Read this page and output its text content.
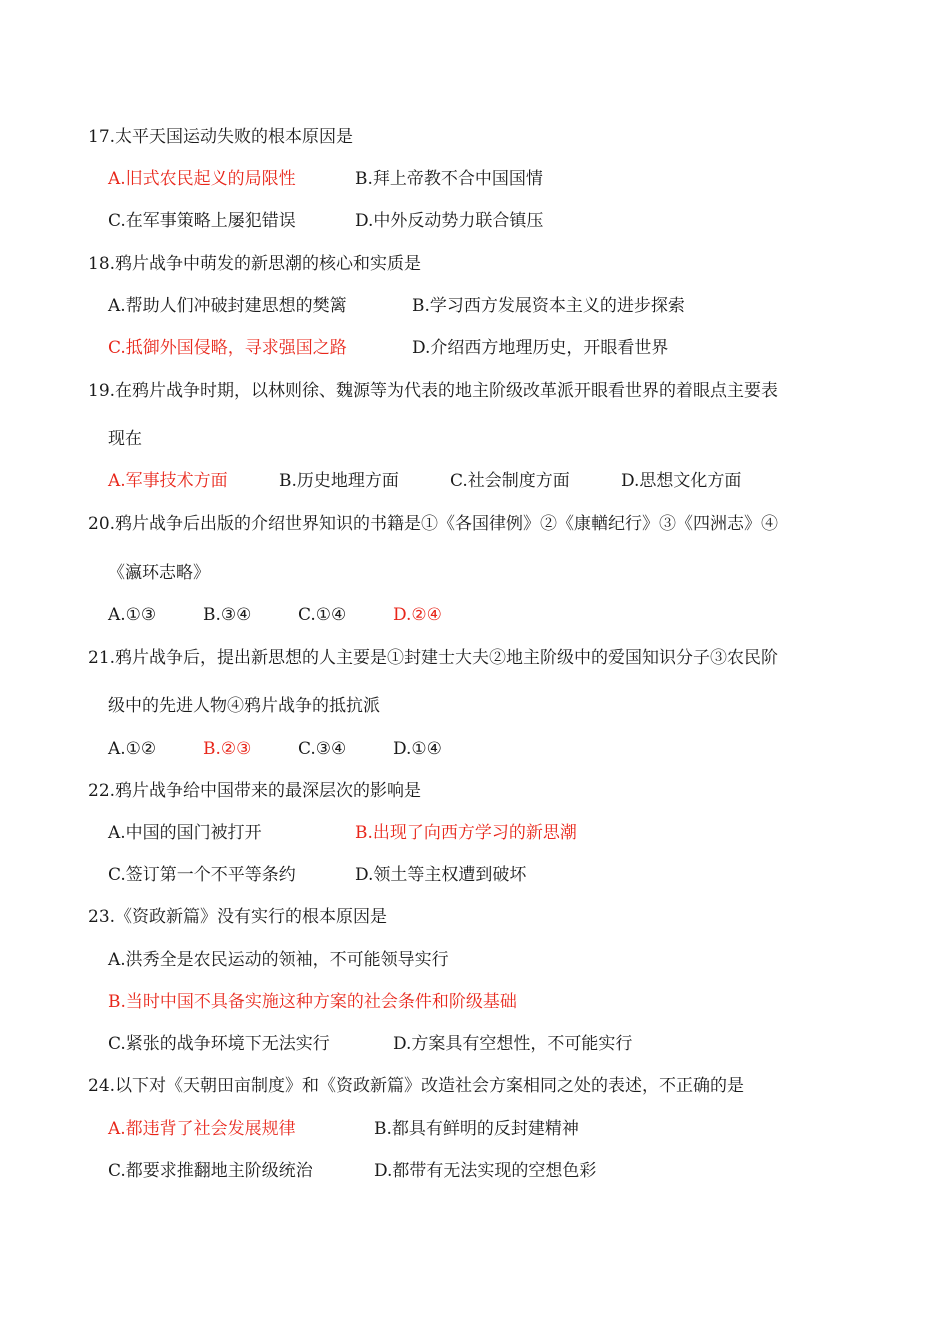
17.太平天国运动失败的根本原因是
A.旧式农民起义的局限性	B.拜上帝教不合中国国情
C.在军事策略上屡犯错误	D.中外反动势力联合镇压
18.鸦片战争中萌发的新思潮的核心和实质是
A.帮助人们冲破封建思想的樊篱	B.学习西方发展资本主义的进步探索
C.抵御外国侵略，寻求强国之路	D.介绍西方地理历史，开眼看世界
19.在鸦片战争时期，以林则徐、魏源等为代表的地主阶级改革派开眼看世界的着眼点主要表
现在
A.军事技术方面	B.历史地理方面	C.社会制度方面	D.思想文化方面
20.鸦片战争后出版的介绍世界知识的书籍是①《各国律例》②《康輶纪行》③《四洲志》④
《瀛环志略》
A.①③	B.③④	C.①④	D.②④
21.鸦片战争后，提出新思想的人主要是①封建士大夫②地主阶级中的爱国知识分子③农民阶
级中的先进人物④鸦片战争的抵抗派
A.①②	B.②③	C.③④	D.①④
22.鸦片战争给中国带来的最深层次的影响是
A.中国的国门被打开	B.出现了向西方学习的新思潮
C.签订第一个不平等条约	D.领土等主权遭到破坏
23.《资政新篇》没有实行的根本原因是
A.洪秀全是农民运动的领袖，不可能领导实行
B.当时中国不具备实施这种方案的社会条件和阶级基础
C.紧张的战争环境下无法实行	D.方案具有空想性，不可能实行
24.以下对《天朝田亩制度》和《资政新篇》改造社会方案相同之处的表述，不正确的是
A.都违背了社会发展规律	B.都具有鲜明的反封建精神
C.都要求推翻地主阶级统治	D.都带有无法实现的空想色彩
